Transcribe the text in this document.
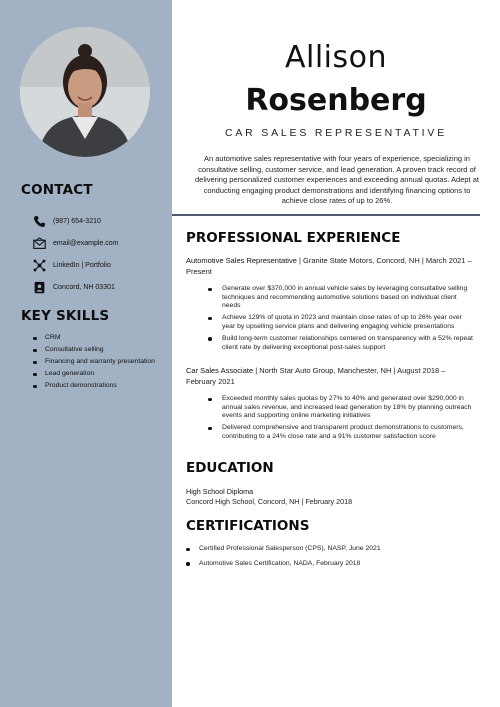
CONTACT
(987) 654-3210
email@example.com
LinkedIn | Portfolio
Concord, NH 03301
KEY SKILLS
CRM
Consultative selling
Financing and warranty presentation
Lead generation
Product demonstrations
Allison
Rosenberg
CAR SALES REPRESENTATIVE

An automotive sales representative with four years of experience, specializing in consultative selling, customer service, and lead generation. A proven track record of delivering personalized customer experiences and exceeding annual quotas. Adept at conducting engaging product demonstrations and identifying financing options to achieve close rates of up to 26%.

PROFESSIONAL EXPERIENCE
Automotive Sales Representative | Granite State Motors, Concord, NH | March 2021 – Present
Generate over $370,000 in annual vehicle sales by leveraging consultative selling techniques and recommending automotive solutions based on individual client needs
Achieve 129% of quota in 2023 and maintain close rates of up to 26% year over year by upselling service plans and delivering engaging vehicle presentations
Build long-term customer relationships centered on transparency with a 52% repeat client rate by delivering exceptional post-sales support
Car Sales Associate | North Star Auto Group, Manchester, NH | August 2018 – February 2021
Exceeded monthly sales quotas by 27% to 40% and generated over $290,000 in annual sales revenue, and increased lead generation by 18% by planning outreach events and supporting online marketing initiatives
Delivered comprehensive and transparent product demonstrations to customers, contributing to a 24% close rate and a 91% customer satisfaction score
EDUCATION
High School Diploma
Concord High School, Concord, NH | February 2018
CERTIFICATIONS
Certified Professional Salesperson (CPS), NASP, June 2021
Automotive Sales Certification, NADA, February 2018
